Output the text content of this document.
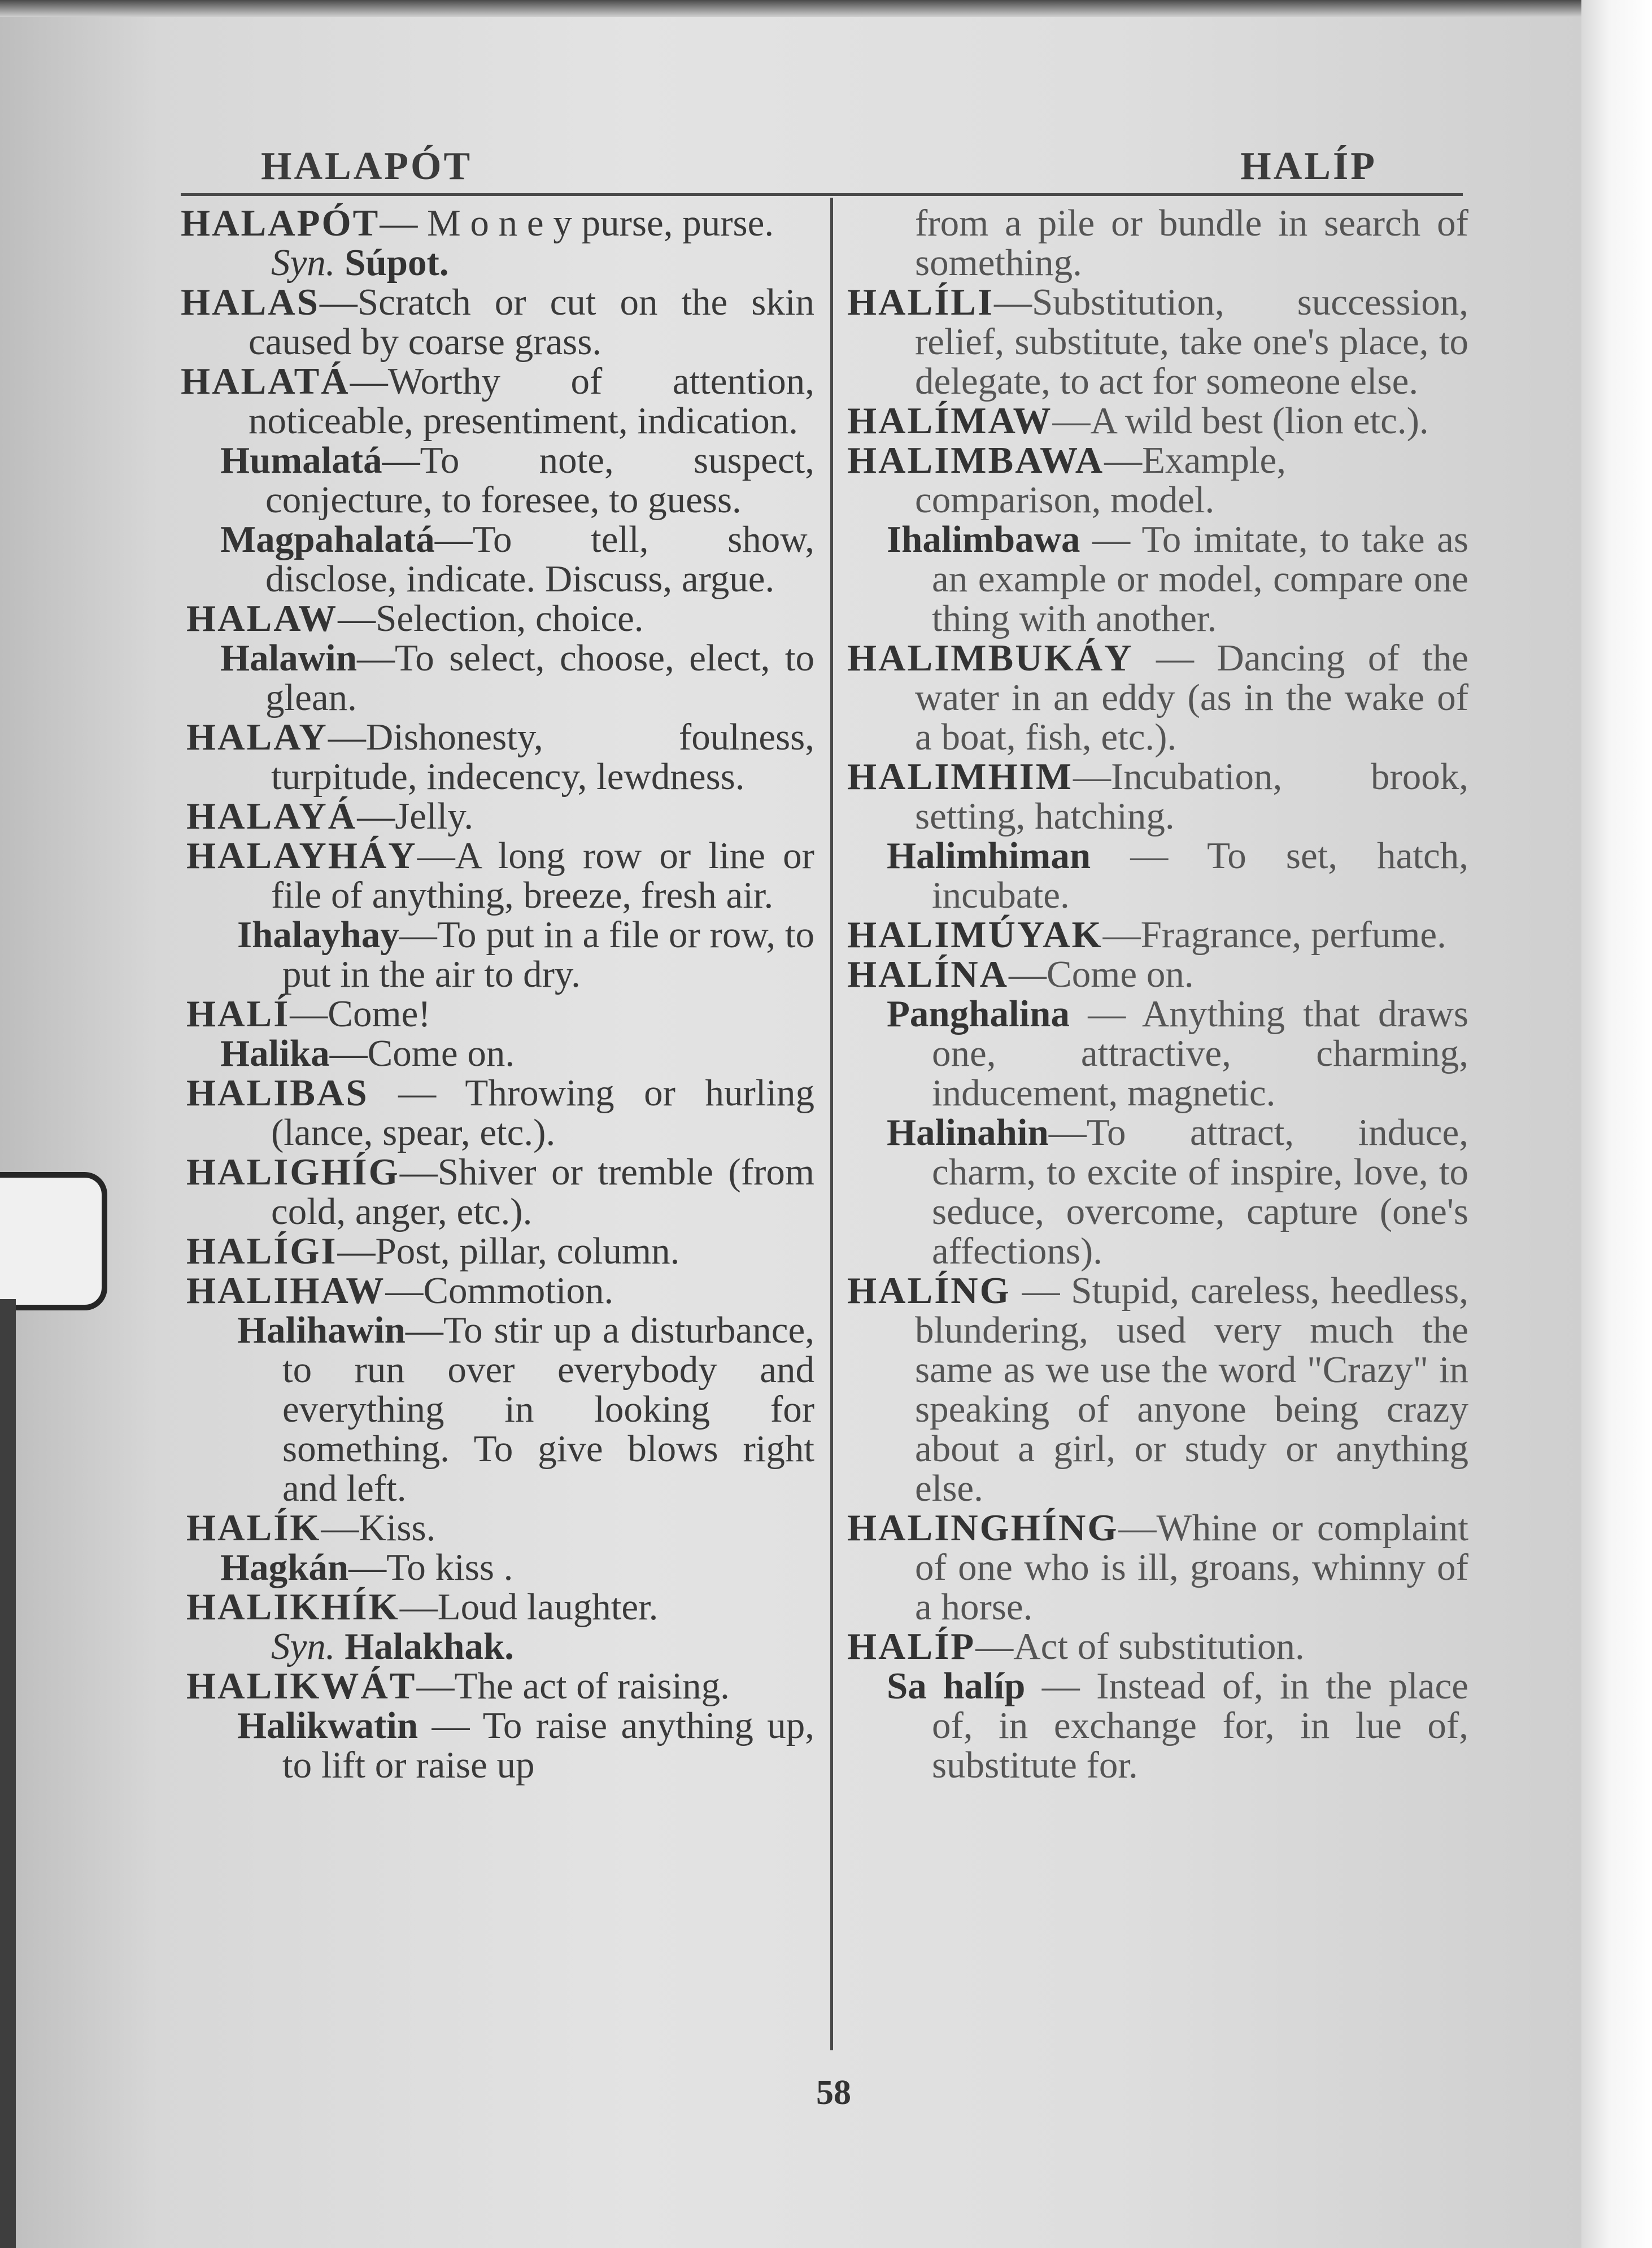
HALAPÓT	HALÍP
HALAPÓT— M o n e y purse, purse.
Syn. Súpot.
HALAS—Scratch or cut on the skin caused by coarse grass.
HALATÁ—Worthy of attention, noticeable, presentiment, indication.
Humalatá—To note, suspect, conjecture, to foresee, to guess.
Magpahalatá—To tell, show, disclose, indicate. Discuss, argue.
HALAW—Selection, choice.
Halawin—To select, choose, elect, to glean.
HALAY—Dishonesty, foulness, turpitude, indecency, lewdness.
HALAYÁ—Jelly.
HALAYHÁY—A long row or line or file of anything, breeze, fresh air.
Ihalayhay—To put in a file or row, to put in the air to dry.
HALÍ—Come!
Halika—Come on.
HALIBAS — Throwing or hurling (lance, spear, etc.).
HALIGHÍG—Shiver or tremble (from cold, anger, etc.).
HALÍGI—Post, pillar, column.
HALIHAW—Commotion.
Halihawin—To stir up a disturbance, to run over everybody and everything in looking for something. To give blows right and left.
HALÍK—Kiss.
Hagkán—To kiss .
HALIKHÍK—Loud laughter.
Syn. Halakhak.
HALIKWÁT—The act of raising.
Halikwatin — To raise anything up, to lift or raise up
from a pile or bundle in search of something.
HALÍLI—Substitution, succession, relief, substitute, take one's place, to delegate, to act for someone else.
HALÍMAW—A wild best (lion etc.).
HALIMBAWA—Example, comparison, model.
Ihalimbawa — To imitate, to take as an example or model, compare one thing with another.
HALIMBUKÁY — Dancing of the water in an eddy (as in the wake of a boat, fish, etc.).
HALIMHIM—Incubation, brook, setting, hatching.
Halimhiman — To set, hatch, incubate.
HALIMÚYAK—Fragrance, perfume.
HALÍNA—Come on.
Panghalina — Anything that draws one, attractive, charming, inducement, magnetic.
Halinahin—To attract, induce, charm, to excite of inspire, love, to seduce, overcome, capture (one's affections).
HALÍNG — Stupid, careless, heedless, blundering, used very much the same as we use the word "Crazy" in speaking of anyone being crazy about a girl, or study or anything else.
HALINGHÍNG—Whine or complaint of one who is ill, groans, whinny of a horse.
HALÍP—Act of substitution.
Sa halíp — Instead of, in the place of, in exchange for, in lue of, substitute for.
58
